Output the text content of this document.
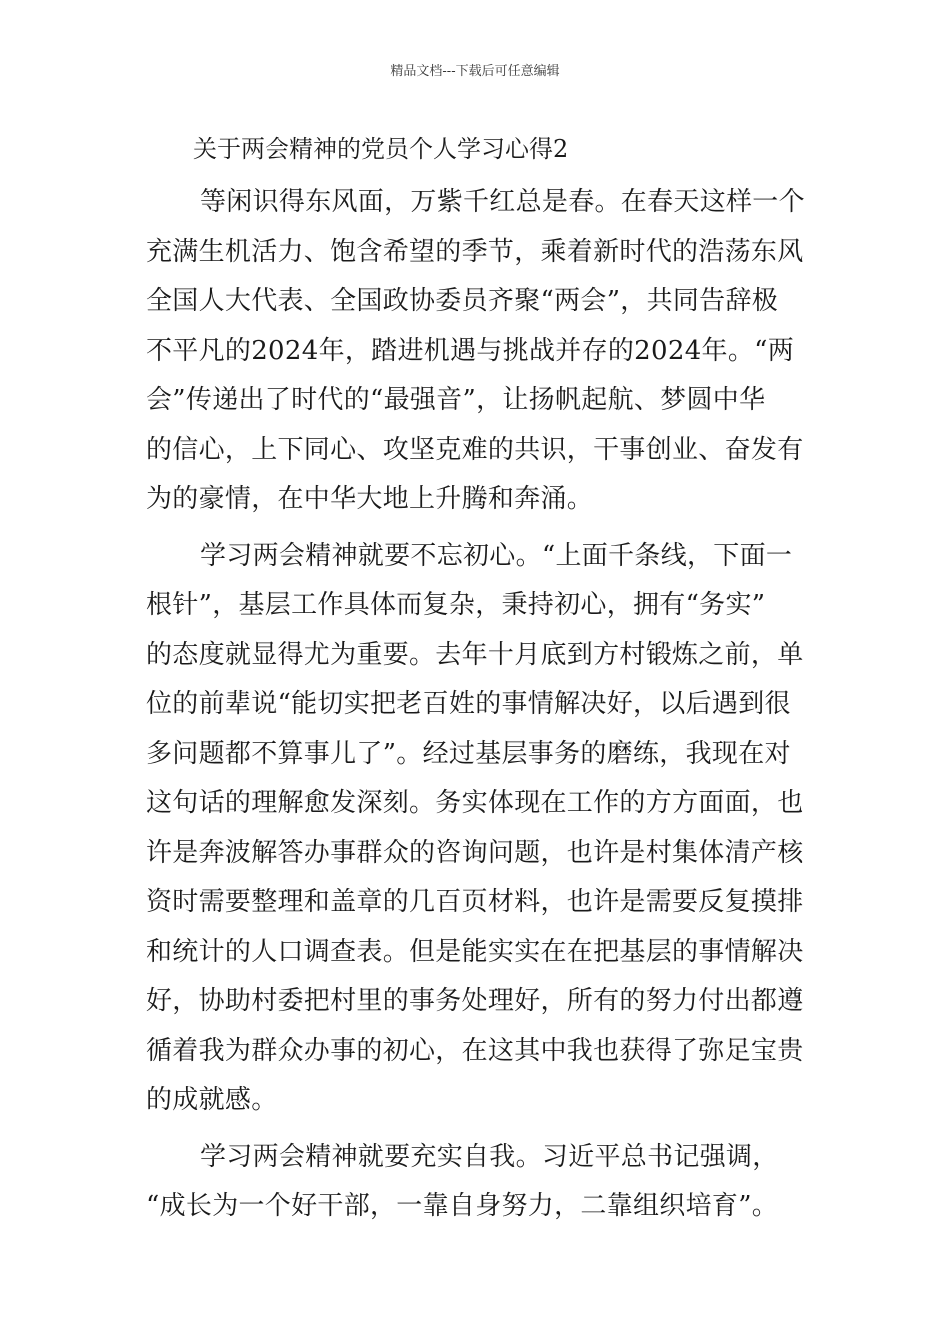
精品文档---下载后可任意编辑
关于两会精神的党员个人学习心得2
等闲识得东风面，万紫千红总是春。在春天这样一个
充满生机活力、饱含希望的季节，乘着新时代的浩荡东风
全国人大代表、全国政协委员齐聚“两会”，共同告辞极
不平凡的2024年，踏进机遇与挑战并存的2024年。“两
会”传递出了时代的“最强音”，让扬帆起航、梦圆中华
的信心，上下同心、攻坚克难的共识，干事创业、奋发有
为的豪情，在中华大地上升腾和奔涌。
学习两会精神就要不忘初心。“上面千条线，下面一
根针”，基层工作具体而复杂，秉持初心，拥有“务实”
的态度就显得尤为重要。去年十月底到方村锻炼之前，单
位的前辈说“能切实把老百姓的事情解决好，以后遇到很
多问题都不算事儿了”。经过基层事务的磨练，我现在对
这句话的理解愈发深刻。务实体现在工作的方方面面，也
许是奔波解答办事群众的咨询问题，也许是村集体清产核
资时需要整理和盖章的几百页材料，也许是需要反复摸排
和统计的人口调查表。但是能实实在在把基层的事情解决
好，协助村委把村里的事务处理好，所有的努力付出都遵
循着我为群众办事的初心，在这其中我也获得了弥足宝贵
的成就感。
学习两会精神就要充实自我。习近平总书记强调，
“成长为一个好干部，一靠自身努力，二靠组织培育”。
